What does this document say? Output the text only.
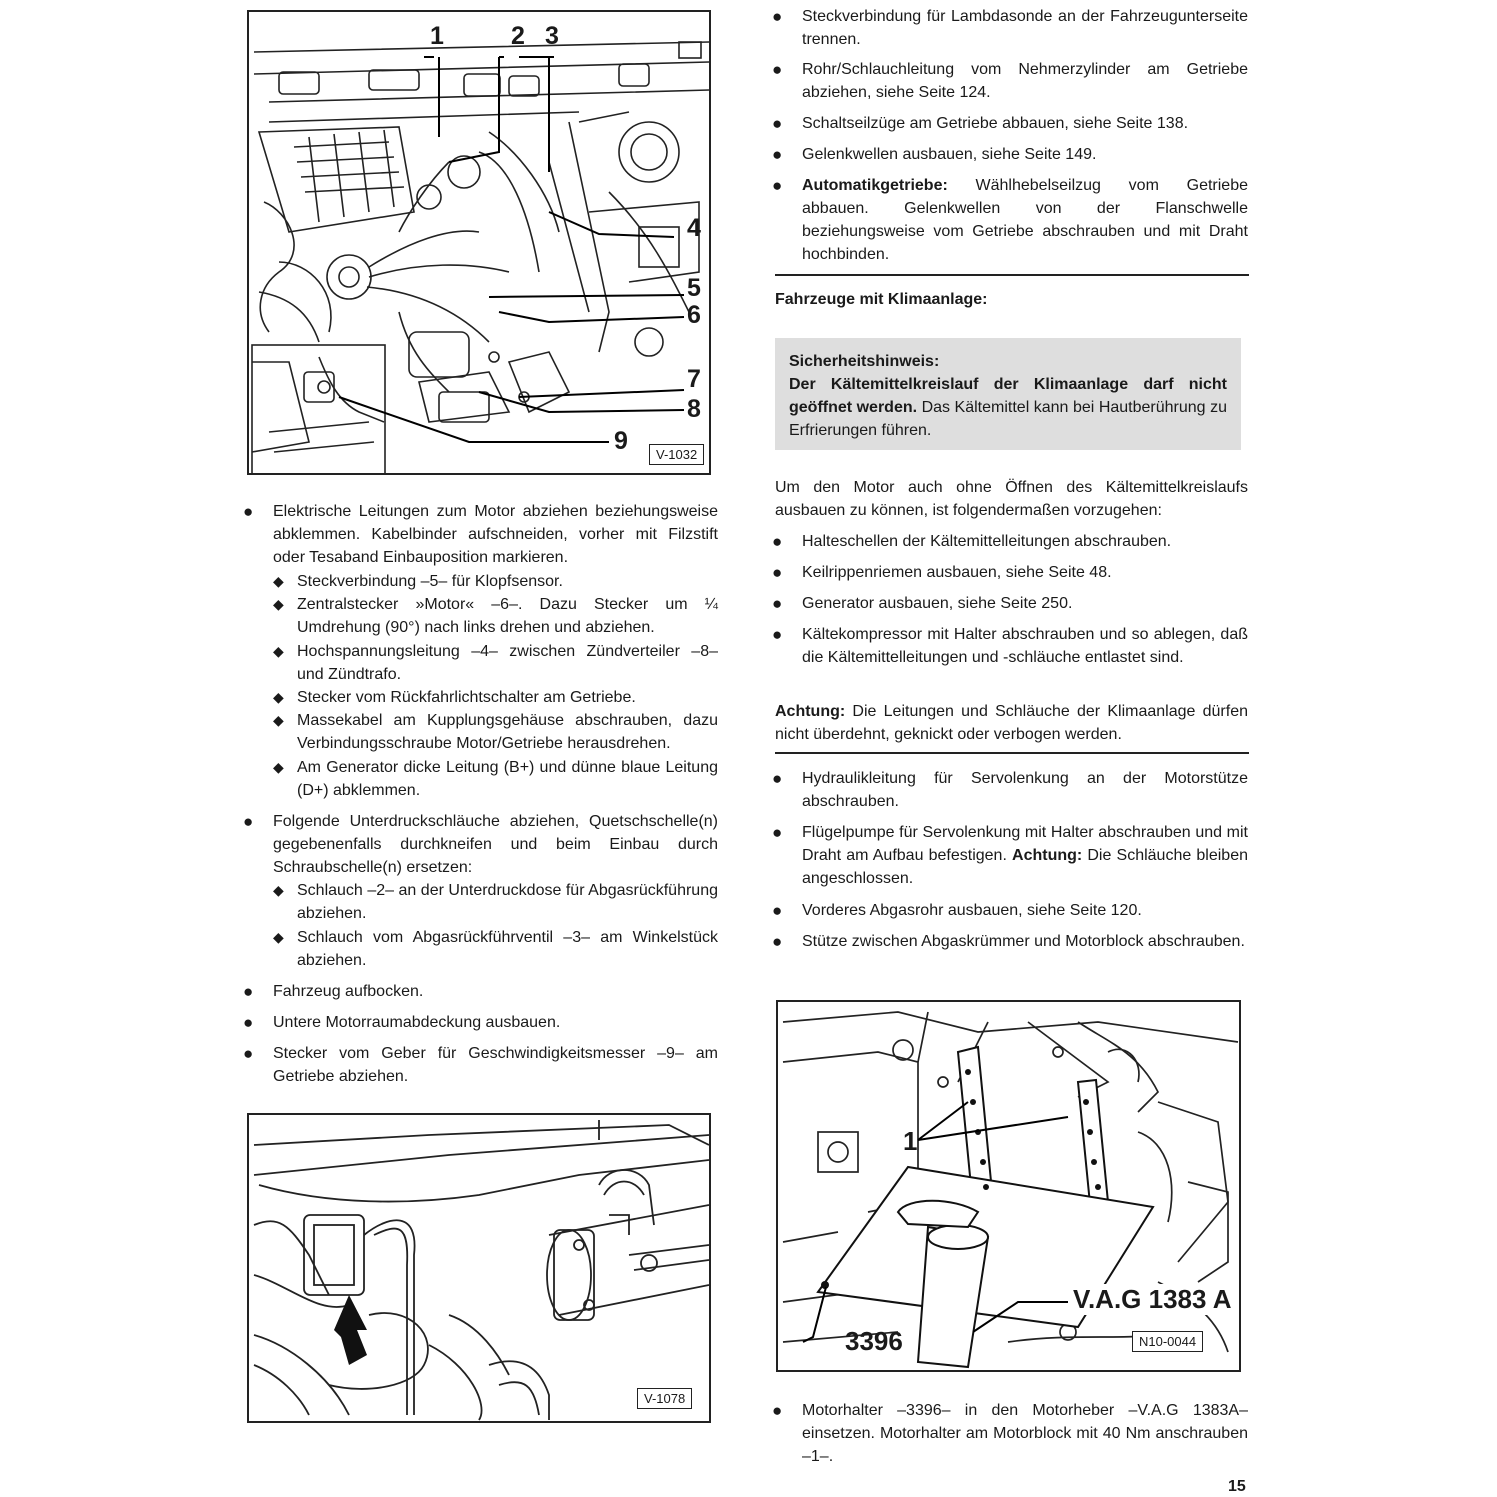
1	2 3
4
5
6
7
8
9	V-1032
● Elektrische Leitungen zum Motor abziehen beziehungsweise abklemmen. Kabelbinder aufschneiden, vorher mit Filzstift oder Tesaband Einbauposition markieren.
◆ Steckverbindung –5– für Klopfsensor.
◆ Zentralstecker »Motor« –6–. Dazu Stecker um ¼ Umdrehung (90°) nach links drehen und abziehen.
◆ Hochspannungsleitung –4– zwischen Zündverteiler –8– und Zündtrafo.
◆ Stecker vom Rückfahrlichtschalter am Getriebe.
◆ Massekabel am Kupplungsgehäuse abschrauben, dazu Verbindungsschraube Motor/Getriebe herausdrehen.
◆ Am Generator dicke Leitung (B+) und dünne blaue Leitung (D+) abklemmen.
● Folgende Unterdruckschläuche abziehen, Quetschschelle(n) gegebenenfalls durchkneifen und beim Einbau durch Schraubschelle(n) ersetzen:
◆ Schlauch –2– an der Unterdruckdose für Abgasrückführung abziehen.
◆ Schlauch vom Abgasrückführventil –3– am Winkelstück abziehen.
● Fahrzeug aufbocken.
● Untere Motorraumabdeckung ausbauen.
● Stecker vom Geber für Geschwindigkeitsmesser –9– am Getriebe abziehen.
V-1078
● Steckverbindung für Lambdasonde an der Fahrzeugunterseite trennen.
● Rohr/Schlauchleitung vom Nehmerzylinder am Getriebe abziehen, siehe Seite 124.
● Schaltseilzüge am Getriebe abbauen, siehe Seite 138.
● Gelenkwellen ausbauen, siehe Seite 149.
● Automatikgetriebe: Wählhebelseilzug vom Getriebe abbauen. Gelenkwellen von der Flanschwelle beziehungsweise vom Getriebe abschrauben und mit Draht hochbinden.
Fahrzeuge mit Klimaanlage:
Sicherheitshinweis:
Der Kältemittelkreislauf der Klimaanlage darf nicht geöffnet werden. Das Kältemittel kann bei Hautberührung zu Erfrierungen führen.
Um den Motor auch ohne Öffnen des Kältemittelkreislaufs ausbauen zu können, ist folgendermaßen vorzugehen:
● Halteschellen der Kältemittelleitungen abschrauben.
● Keilrippenriemen ausbauen, siehe Seite 48.
● Generator ausbauen, siehe Seite 250.
● Kältekompressor mit Halter abschrauben und so ablegen, daß die Kältemittelleitungen und -schläuche entlastet sind.
Achtung: Die Leitungen und Schläuche der Klimaanlage dürfen nicht überdehnt, geknickt oder verbogen werden.
● Hydraulikleitung für Servolenkung an der Motorstütze abschrauben.
● Flügelpumpe für Servolenkung mit Halter abschrauben und mit Draht am Aufbau befestigen. Achtung: Die Schläuche bleiben angeschlossen.
● Vorderes Abgasrohr ausbauen, siehe Seite 120.
● Stütze zwischen Abgaskrümmer und Motorblock abschrauben.
1
3396
V.A.G 1383 A
N10-0044
● Motorhalter –3396– in den Motorheber –V.A.G 1383A– einsetzen. Motorhalter am Motorblock mit 40 Nm anschrauben –1–.
15
